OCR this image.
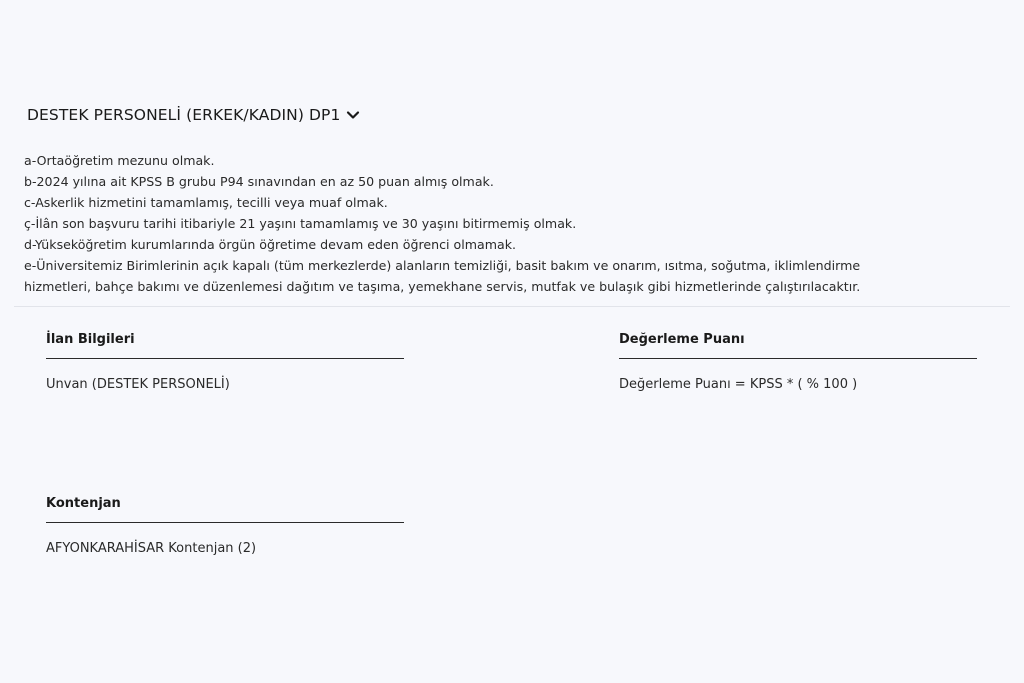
DESTEK PERSONELİ (ERKEK/KADIN) DP1
a-Ortaöğretim mezunu olmak.
b-2024 yılına ait KPSS B grubu P94 sınavından en az 50 puan almış olmak.
c-Askerlik hizmetini tamamlamış, tecilli veya muaf olmak.
ç-İlân son başvuru tarihi itibariyle 21 yaşını tamamlamış ve 30 yaşını bitirmemiş olmak.
d-Yükseköğretim kurumlarında örgün öğretime devam eden öğrenci olmamak.
e-Üniversitemiz Birimlerinin açık kapalı (tüm merkezlerde) alanların temizliği, basit bakım ve onarım, ısıtma, soğutma, iklimlendirme
hizmetleri, bahçe bakımı ve düzenlemesi dağıtım ve taşıma, yemekhane servis, mutfak ve bulaşık gibi hizmetlerinde çalıştırılacaktır.
İlan Bilgileri
Unvan (DESTEK PERSONELİ)
Değerleme Puanı
Değerleme Puanı = KPSS * ( % 100 )
Kontenjan
AFYONKARAHİSAR Kontenjan (2)
